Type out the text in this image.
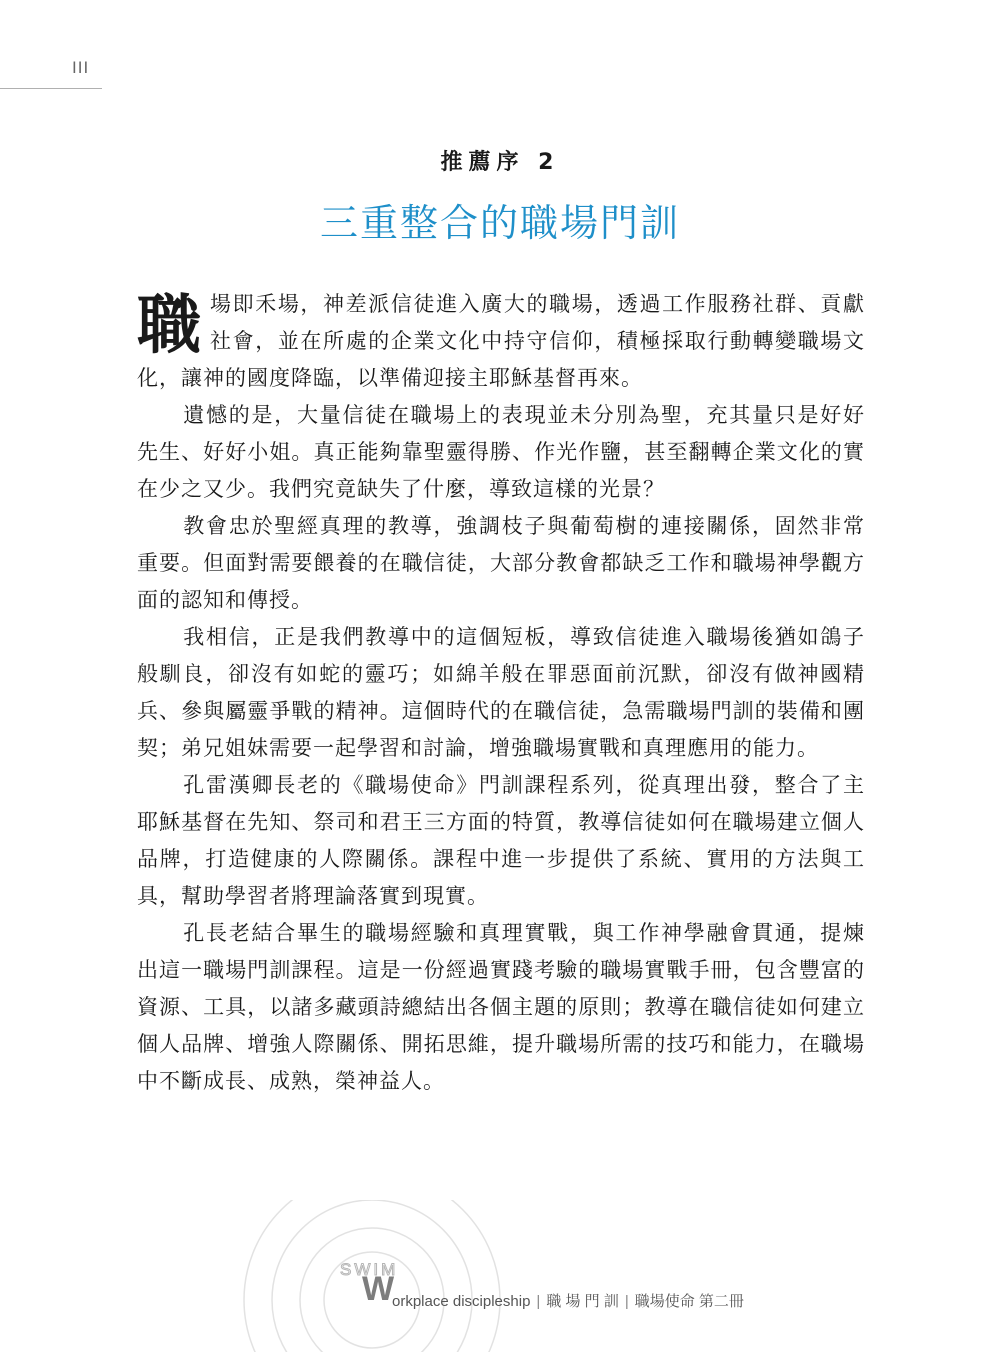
III
推薦序 2
三重整合的職場門訓

職場即禾場，神差派信徒進入廣大的職場，透過工作服務社群、貢獻社會，並在所處的企業文化中持守信仰，積極採取行動轉變職場文化，讓神的國度降臨，以準備迎接主耶穌基督再來。

遺憾的是，大量信徒在職場上的表現並未分別為聖，充其量只是好好先生、好好小姐。真正能夠靠聖靈得勝、作光作鹽，甚至翻轉企業文化的實在少之又少。我們究竟缺失了什麼，導致這樣的光景？

教會忠於聖經真理的教導，強調枝子與葡萄樹的連接關係，固然非常重要。但面對需要餵養的在職信徒，大部分教會都缺乏工作和職場神學觀方面的認知和傳授。

我相信，正是我們教導中的這個短板，導致信徒進入職場後猶如鴿子般馴良，卻沒有如蛇的靈巧；如綿羊般在罪惡面前沉默，卻沒有做神國精兵、參與屬靈爭戰的精神。這個時代的在職信徒，急需職場門訓的裝備和團契；弟兄姐妹需要一起學習和討論，增強職場實戰和真理應用的能力。

孔雷漢卿長老的《職場使命》門訓課程系列，從真理出發，整合了主耶穌基督在先知、祭司和君王三方面的特質，教導信徒如何在職場建立個人品牌，打造健康的人際關係。課程中進一步提供了系統、實用的方法與工具，幫助學習者將理論落實到現實。

孔長老結合畢生的職場經驗和真理實戰，與工作神學融會貫通，提煉出這一職場門訓課程。這是一份經過實踐考驗的職場實戰手冊，包含豐富的資源、工具，以諸多藏頭詩總結出各個主題的原則；教導在職信徒如何建立個人品牌、增強人際關係、開拓思維，提升職場所需的技巧和能力，在職場中不斷成長、成熟，榮神益人。

SWIM
W
orkplace discipleship | 職 場 門 訓 | 職場使命 第二冊
